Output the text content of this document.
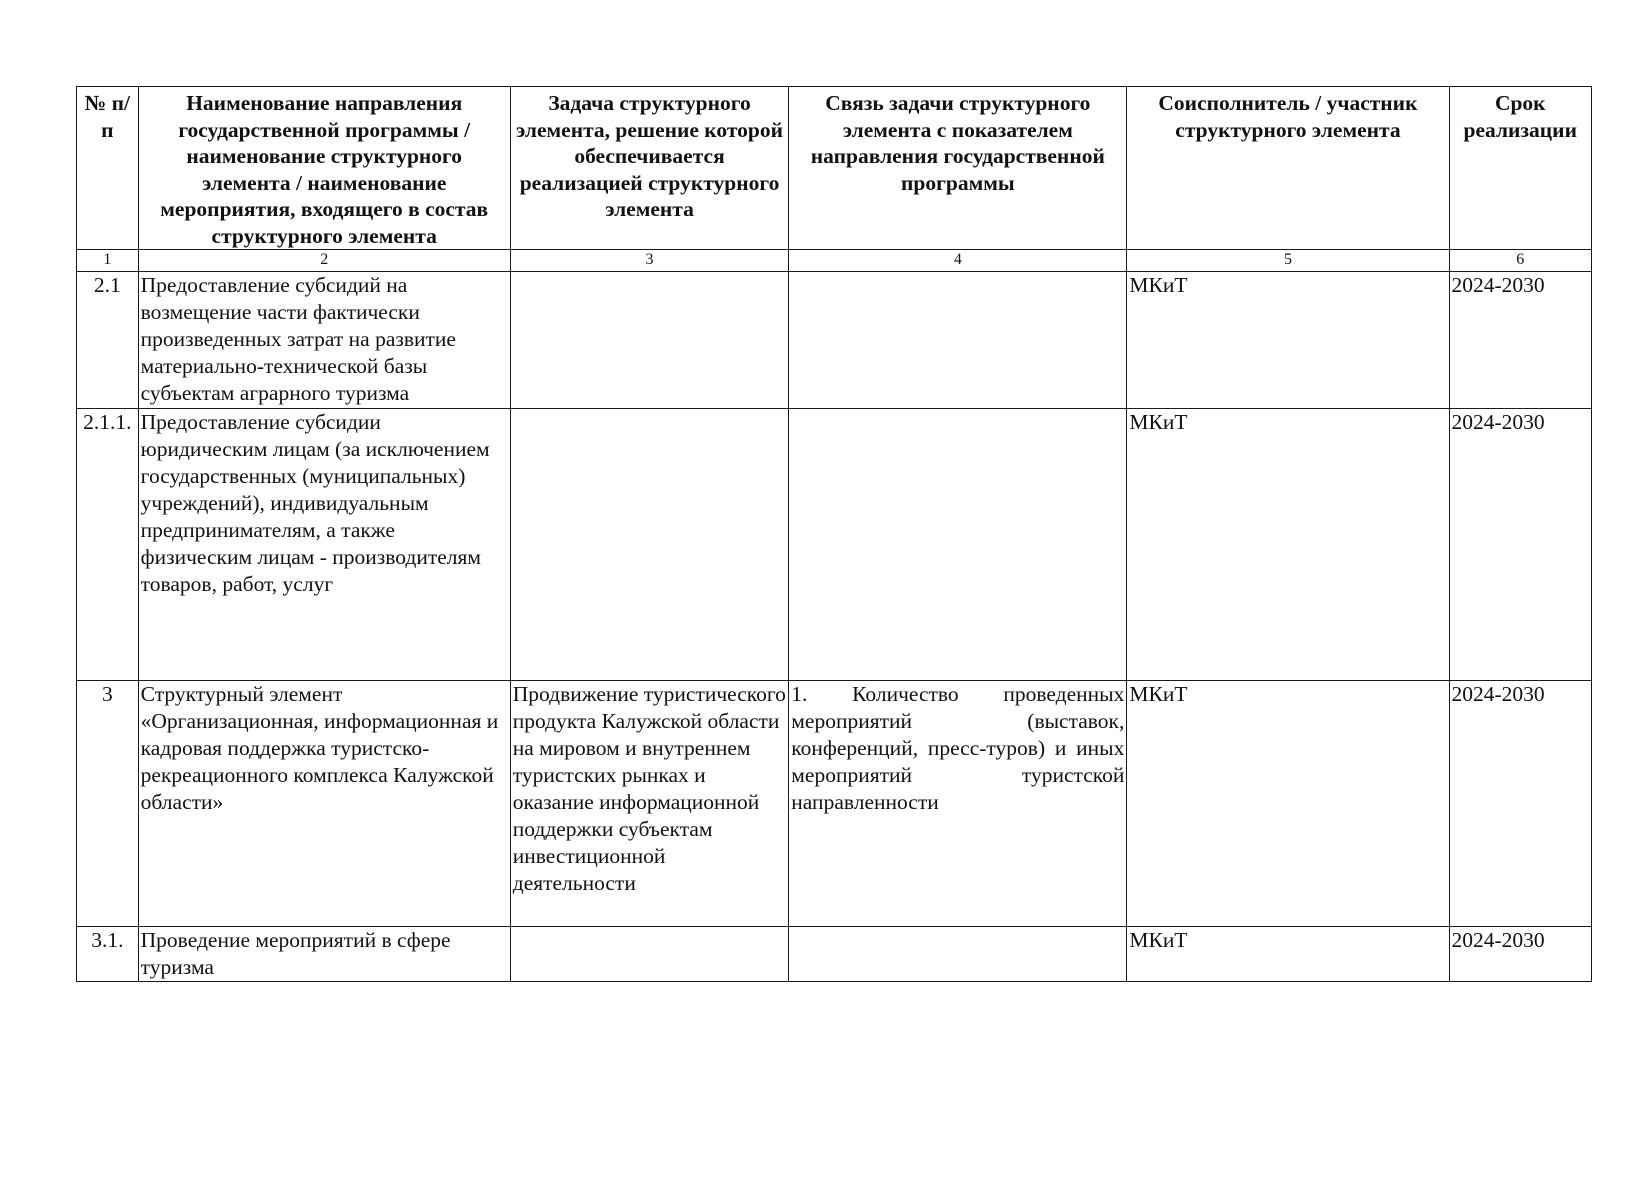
№ п/п	Наименование направления государственной программы / наименование структурного элемента / наименование мероприятия, входящего в состав структурного элемента	Задача структурного элемента, решение которой обеспечивается реализацией структурного элемента	Связь задачи структурного элемента с показателем направления государственной программы	Соисполнитель / участник структурного элемента	Срок реализации
1	2	3	4	5	6
2.1	Предоставление субсидий на возмещение части фактически произведенных затрат на развитие материально-технической базы субъектам аграрного туризма			МКиТ	2024-2030
2.1.1.	Предоставление субсидии юридическим лицам (за исключением государственных (муниципальных) учреждений), индивидуальным предпринимателям, а также физическим лицам - производителям товаров, работ, услуг			МКиТ	2024-2030
3	Структурный элемент «Организационная, информационная и кадровая поддержка туристско-рекреационного комплекса Калужской области»	Продвижение туристического продукта Калужской области на мировом и внутреннем туристских рынках и оказание информационной поддержки субъектам инвестиционной деятельности	1. Количество проведенных мероприятий (выставок, конференций, пресс-туров) и иных мероприятий туристской направленности	МКиТ	2024-2030
3.1.	Проведение мероприятий в сфере туризма			МКиТ	2024-2030
